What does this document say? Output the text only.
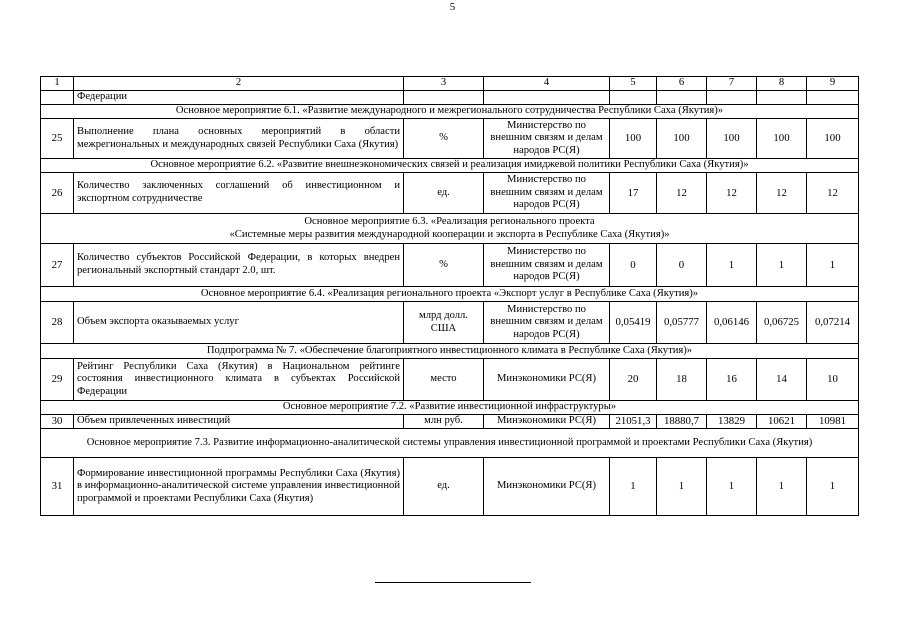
5
1	2	3	4	5	6	7	8	9
	Федерации							
Основное мероприятие 6.1. «Развитие международного и межрегионального сотрудничества Республики Саха (Якутия)»								
25	Выполнение плана основных мероприятий в области межрегиональных и международных связей Республики Саха (Якутия)	%	Министерство по внешним связям и делам народов РС(Я)	100	100	100	100	100
Основное мероприятие 6.2. «Развитие внешнеэкономических связей и реализация имиджевой политики Республики Саха (Якутия)»								
26	Количество заключенных соглашений об инвестиционном и экспортном сотрудничестве	ед.	Министерство по внешним связям и делам народов РС(Я)	17	12	12	12	12

Основное мероприятие 6.3. «Реализация регионального проекта
«Системные меры развития международной кооперации и экспорта в Республике Саха (Якутия)»								

27	Количество субъектов Российской Федерации, в которых внедрен региональный экспортный стандарт 2.0, шт.	%	Министерство по внешним связям и делам народов РС(Я)	0	0	1	1	1
Основное мероприятие 6.4. «Реализация регионального проекта «Экспорт услуг в Республике Саха (Якутия)»								
28	Объем экспорта оказываемых услуг	млрд долл. США	Министерство по внешним связям и делам народов РС(Я)	0,05419	0,05777	0,06146	0,06725	0,07214
Подпрограмма № 7. «Обеспечение благоприятного инвестиционного климата в Республике Саха (Якутия)»								
29	Рейтинг Республики Саха (Якутия) в Национальном рейтинге состояния инвестиционного климата в субъектах Российской Федерации	место	Минэкономики РС(Я)	20	18	16	14	10
Основное мероприятие 7.2. «Развитие инвестиционной инфраструктуры»								
30	Объем привлеченных инвестиций	млн руб.	Минэкономики РС(Я)	21051,3	18880,7	13829	10621	10981
Основное мероприятие 7.3. Развитие информационно-аналитической системы управления инвестиционной программой и проектами Республики Саха (Якутия)								
31	Формирование инвестиционной программы Республики Саха (Якутия) в информационно-аналитической системе управления инвестиционной программой и проектами Республики Саха (Якутия)	ед.	Минэкономики РС(Я)	1	1	1	1	1
